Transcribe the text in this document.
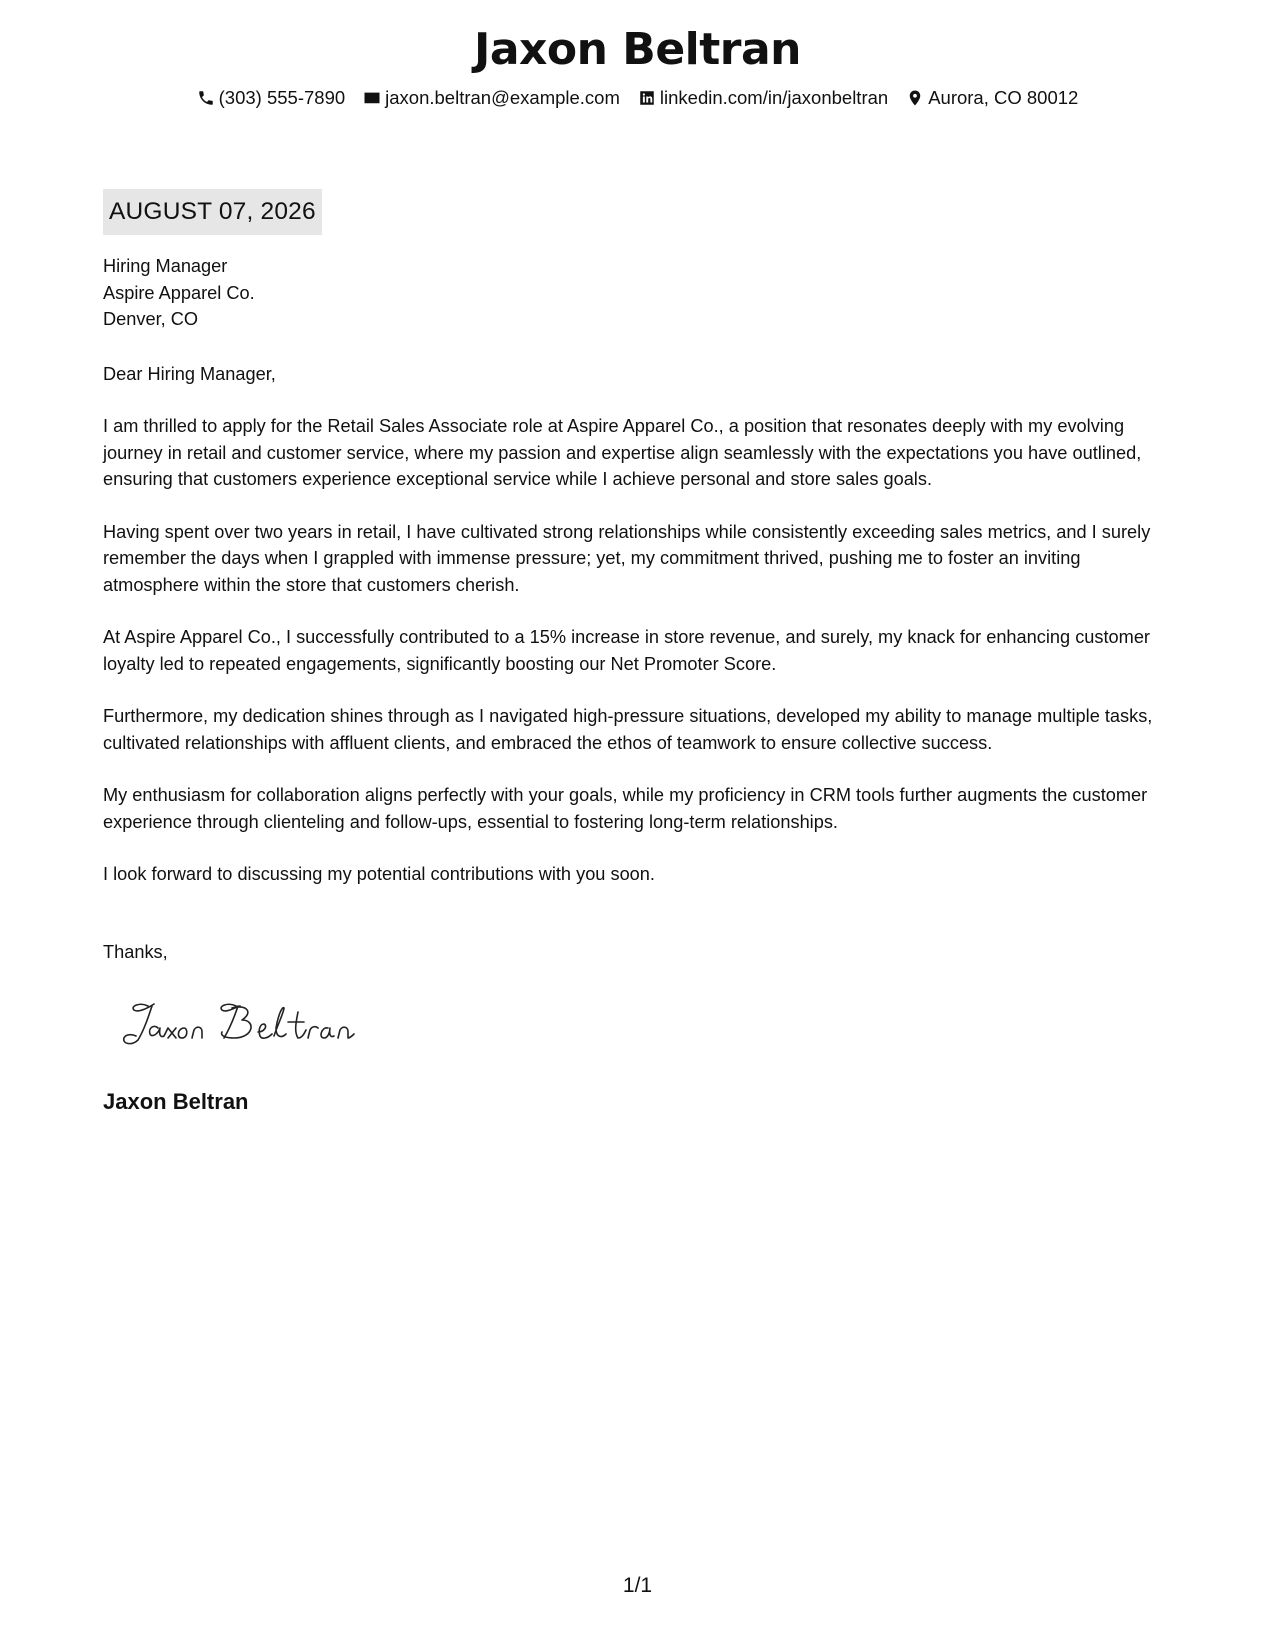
Jaxon Beltran
(303) 555-7890 jaxon.beltran@example.com linkedin.com/in/jaxonbeltran Aurora, CO 80012
AUGUST 07, 2026
Hiring Manager
Aspire Apparel Co.
Denver, CO

Dear Hiring Manager,

I am thrilled to apply for the Retail Sales Associate role at Aspire Apparel Co., a position that resonates deeply with my evolving journey in retail and customer service, where my passion and expertise align seamlessly with the expectations you have outlined, ensuring that customers experience exceptional service while I achieve personal and store sales goals.

Having spent over two years in retail, I have cultivated strong relationships while consistently exceeding sales metrics, and I surely remember the days when I grappled with immense pressure; yet, my commitment thrived, pushing me to foster an inviting atmosphere within the store that customers cherish.

At Aspire Apparel Co., I successfully contributed to a 15% increase in store revenue, and surely, my knack for enhancing customer loyalty led to repeated engagements, significantly boosting our Net Promoter Score.

Furthermore, my dedication shines through as I navigated high-pressure situations, developed my ability to manage multiple tasks, cultivated relationships with affluent clients, and embraced the ethos of teamwork to ensure collective success.

My enthusiasm for collaboration aligns perfectly with your goals, while my proficiency in CRM tools further augments the customer experience through clienteling and follow-ups, essential to fostering long-term relationships.

I look forward to discussing my potential contributions with you soon.

Thanks,

Jaxon Beltran
1/1
